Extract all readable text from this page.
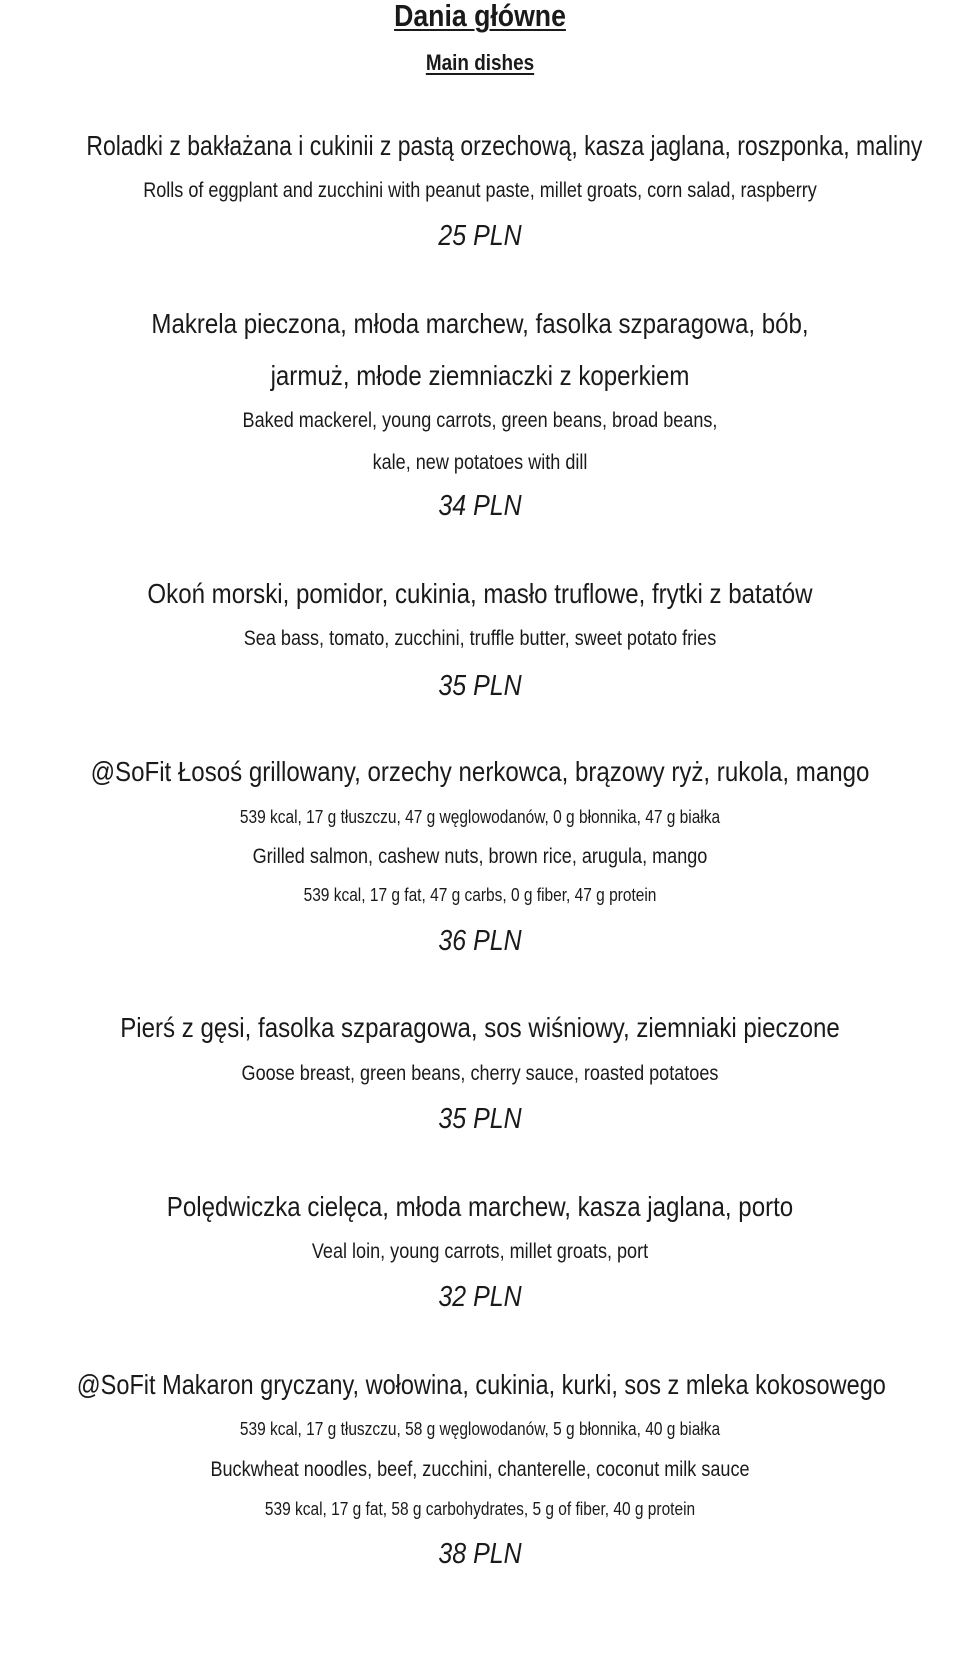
Dania główne
Main dishes
Roladki z bakłażana i cukinii z pastą orzechową, kasza jaglana, roszponka, maliny
Rolls of eggplant and zucchini with peanut paste, millet groats, corn salad, raspberry
25 PLN
Makrela pieczona, młoda marchew, fasolka szparagowa, bób,
jarmuż, młode ziemniaczki z koperkiem
Baked mackerel, young carrots, green beans, broad beans,
kale, new potatoes with dill
34 PLN
Okoń morski, pomidor, cukinia, masło truflowe, frytki z batatów
Sea bass, tomato, zucchini, truffle butter, sweet potato fries
35 PLN
@SoFit Łosoś grillowany, orzechy nerkowca, brązowy ryż, rukola, mango
539 kcal, 17 g tłuszczu, 47 g węglowodanów, 0 g błonnika, 47 g białka
Grilled salmon, cashew nuts, brown rice, arugula, mango
539 kcal, 17 g fat, 47 g carbs, 0 g fiber, 47 g protein
36 PLN
Pierś z gęsi, fasolka szparagowa, sos wiśniowy, ziemniaki pieczone
Goose breast, green beans, cherry sauce, roasted potatoes
35 PLN
Polędwiczka cielęca, młoda marchew, kasza jaglana, porto
Veal loin, young carrots, millet groats, port
32 PLN
@SoFit Makaron gryczany, wołowina, cukinia, kurki, sos z mleka kokosowego
539 kcal, 17 g tłuszczu, 58 g węglowodanów, 5 g błonnika, 40 g białka
Buckwheat noodles, beef, zucchini, chanterelle, coconut milk sauce
539 kcal, 17 g fat, 58 g carbohydrates, 5 g of fiber, 40 g protein
38 PLN
